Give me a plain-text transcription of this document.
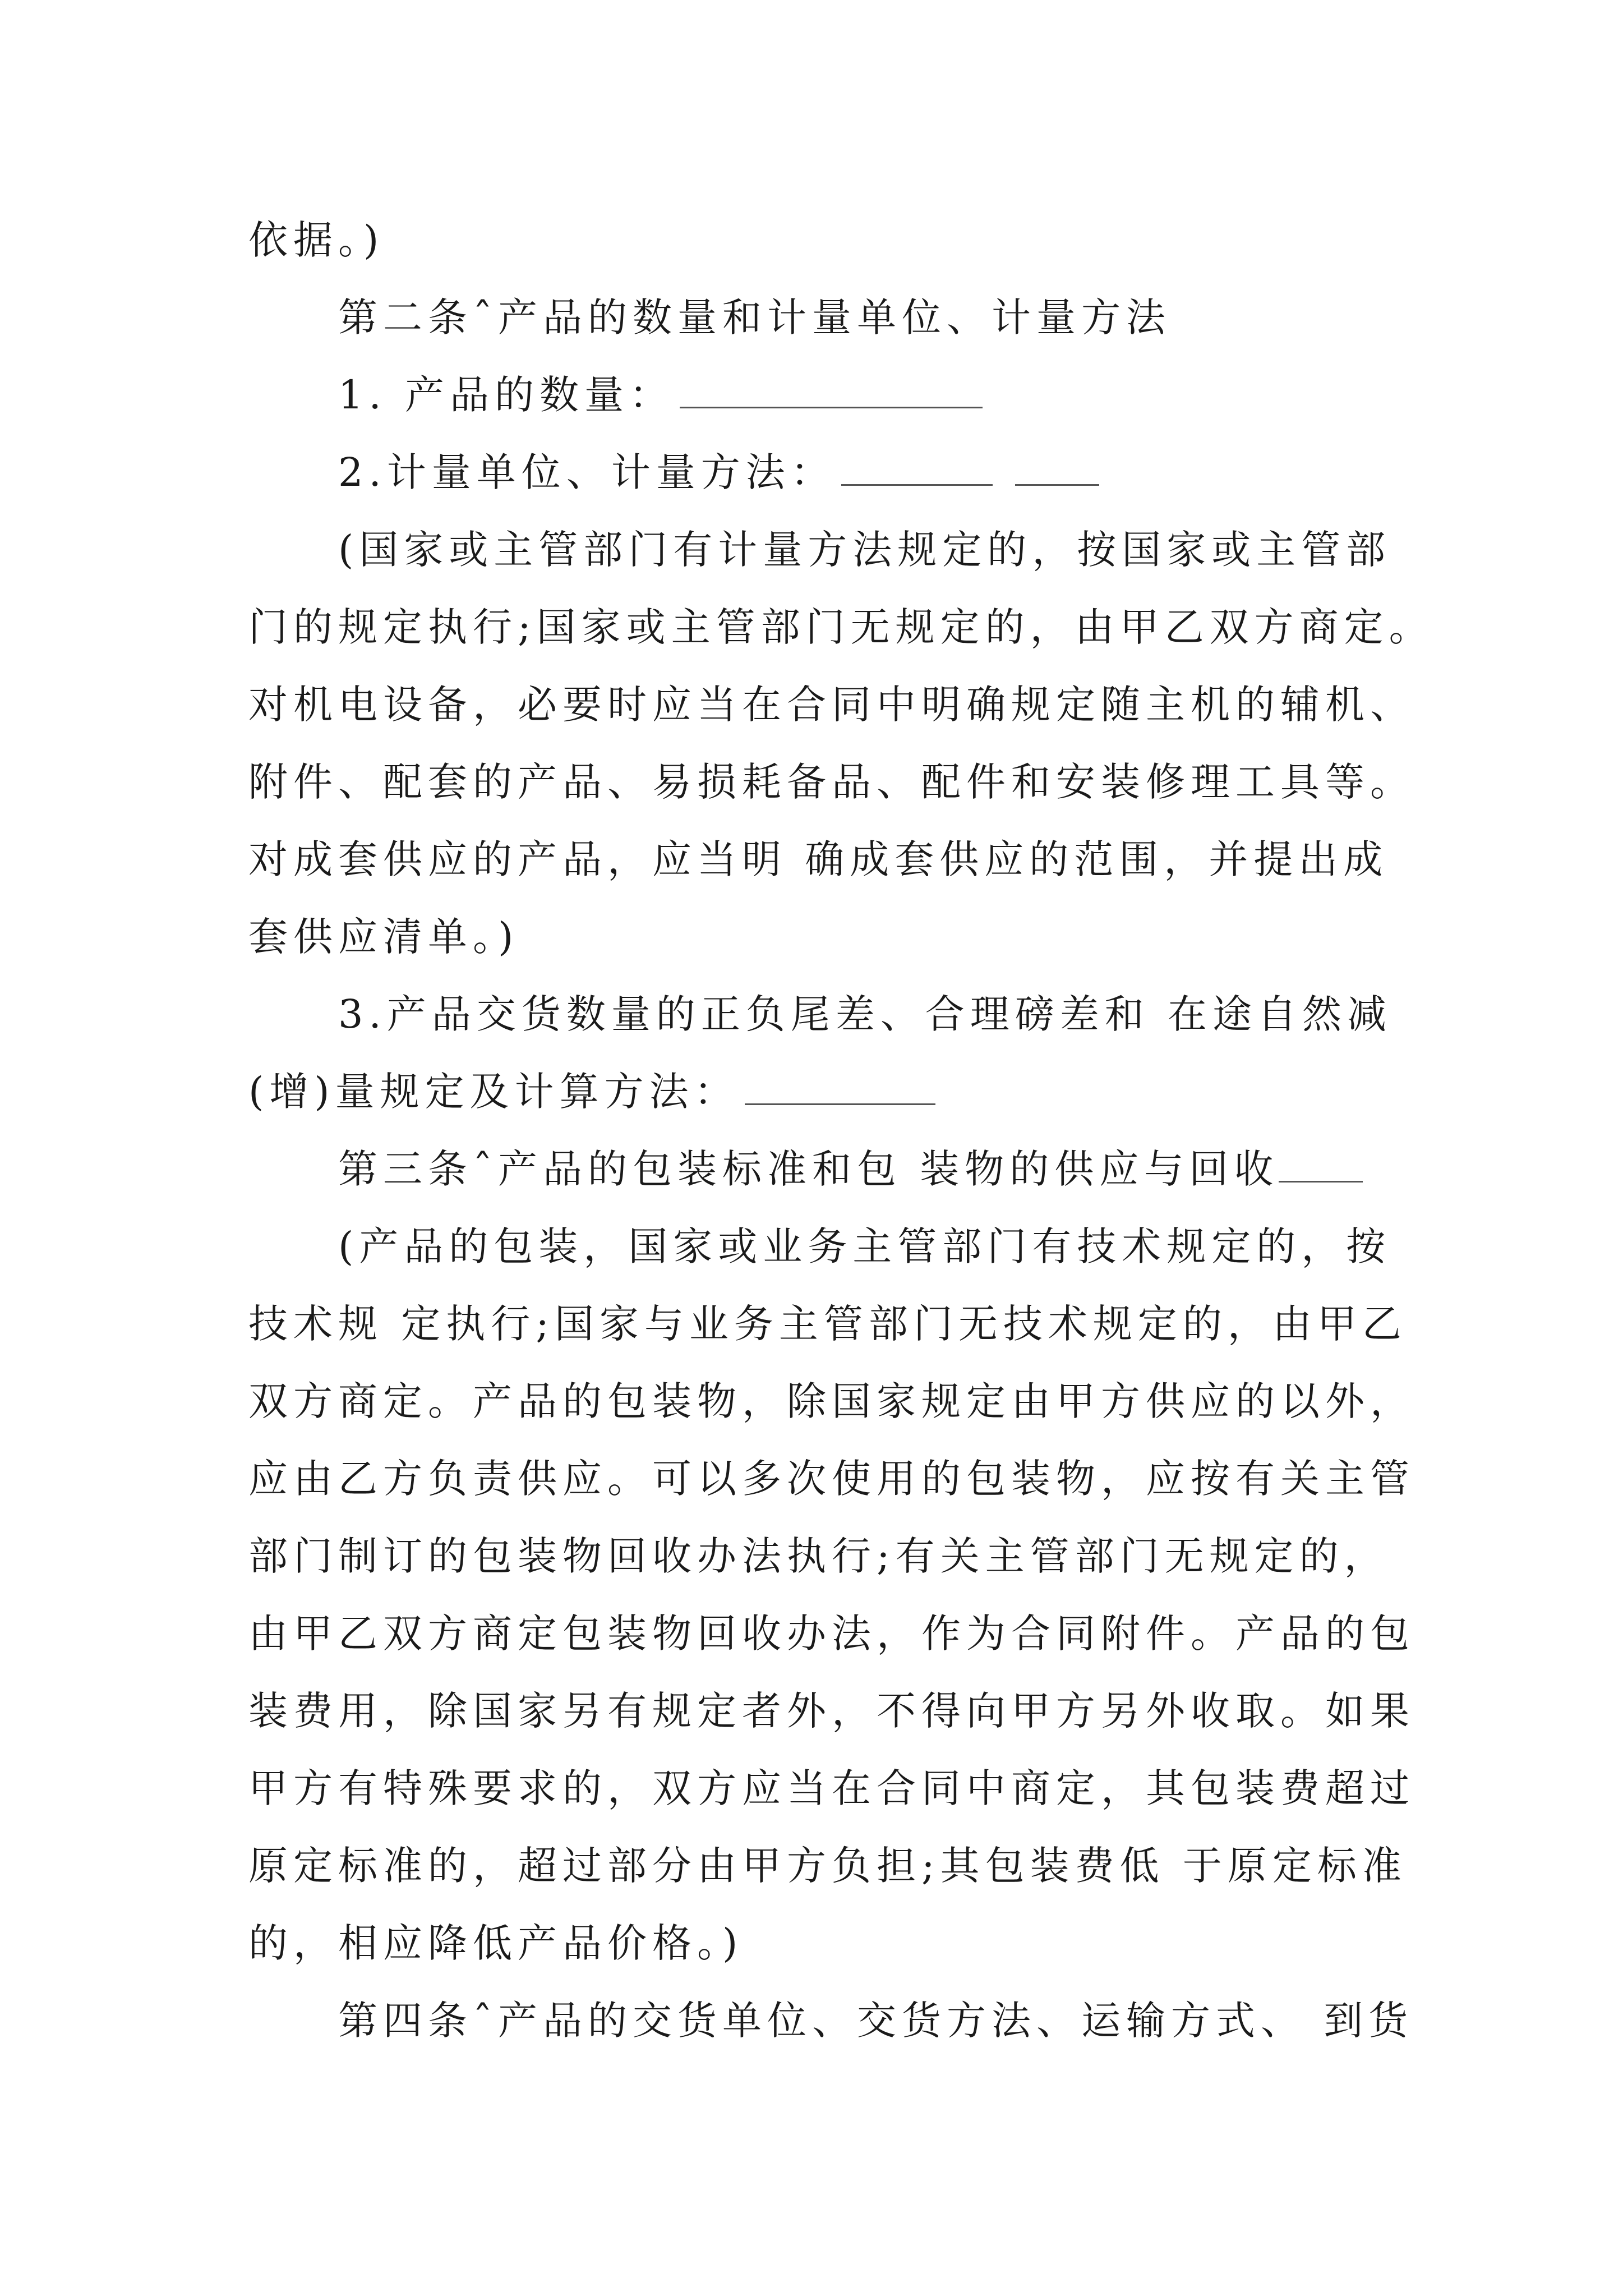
依据。)
第二条ˆ产品的数量和计量单位、计量方法
1. 产品的数量：
2.计量单位、计量方法：
(国家或主管部门有计量方法规定的，按国家或主管部
门的规定执行;国家或主管部门无规定的，由甲乙双方商定。
对机电设备，必要时应当在合同中明确规定随主机的辅机、
附件、配套的产品、易损耗备品、配件和安装修理工具等。
对成套供应的产品，应当明 确成套供应的范围，并提出成
套供应清单。)
3.产品交货数量的正负尾差、合理磅差和 在途自然减
(增)量规定及计算方法：
第三条ˆ产品的包装标准和包 装物的供应与回收
(产品的包装，国家或业务主管部门有技术规定的，按
技术规 定执行;国家与业务主管部门无技术规定的，由甲乙
双方商定。产品的包装物，除国家规定由甲方供应的以外，
应由乙方负责供应。可以多次使用的包装物，应按有关主管
部门制订的包装物回收办法执行;有关主管部门无规定的，
由甲乙双方商定包装物回收办法，作为合同附件。产品的包
装费用，除国家另有规定者外，不得向甲方另外收取。如果
甲方有特殊要求的，双方应当在合同中商定，其包装费超过
原定标准的，超过部分由甲方负担;其包装费低 于原定标准
的，相应降低产品价格。)
第四条ˆ产品的交货单位、交货方法、运输方式、 到货
